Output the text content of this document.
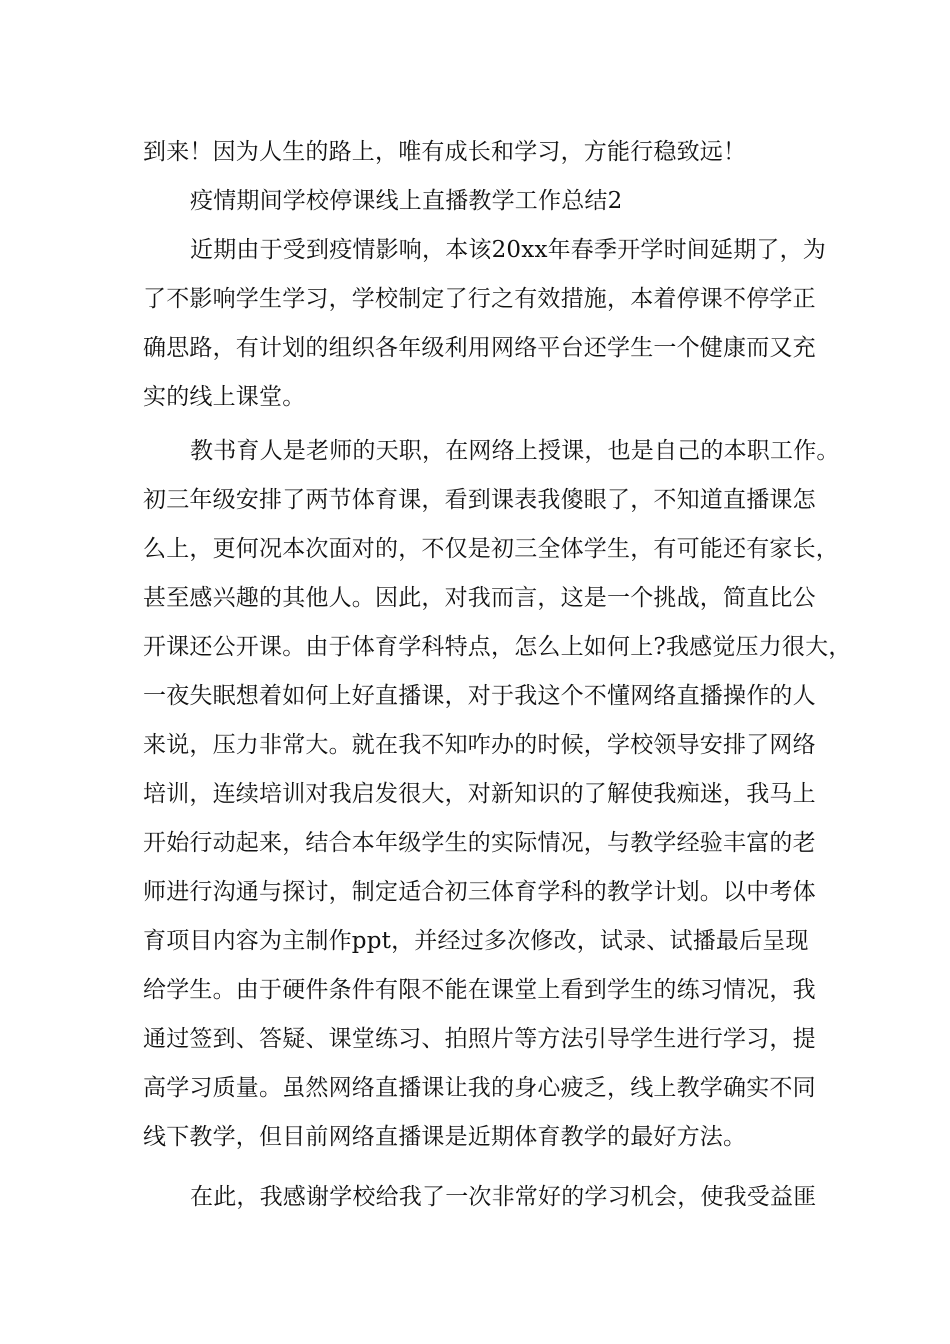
到来！因为人生的路上，唯有成长和学习，方能行稳致远！
疫情期间学校停课线上直播教学工作总结2
近期由于受到疫情影响，本该20xx年春季开学时间延期了，为
了不影响学生学习，学校制定了行之有效措施，本着停课不停学正
确思路，有计划的组织各年级利用网络平台还学生一个健康而又充
实的线上课堂。
教书育人是老师的天职，在网络上授课，也是自己的本职工作。
初三年级安排了两节体育课，看到课表我傻眼了，不知道直播课怎
么上，更何况本次面对的，不仅是初三全体学生，有可能还有家长，
甚至感兴趣的其他人。因此，对我而言，这是一个挑战，简直比公
开课还公开课。由于体育学科特点，怎么上如何上?我感觉压力很大，
一夜失眠想着如何上好直播课，对于我这个不懂网络直播操作的人
来说，压力非常大。就在我不知咋办的时候，学校领导安排了网络
培训，连续培训对我启发很大，对新知识的了解使我痴迷，我马上
开始行动起来，结合本年级学生的实际情况，与教学经验丰富的老
师进行沟通与探讨，制定适合初三体育学科的教学计划。以中考体
育项目内容为主制作ppt，并经过多次修改，试录、试播最后呈现
给学生。由于硬件条件有限不能在课堂上看到学生的练习情况，我
通过签到、答疑、课堂练习、拍照片等方法引导学生进行学习，提
高学习质量。虽然网络直播课让我的身心疲乏，线上教学确实不同
线下教学，但目前网络直播课是近期体育教学的最好方法。
在此，我感谢学校给我了一次非常好的学习机会，使我受益匪
